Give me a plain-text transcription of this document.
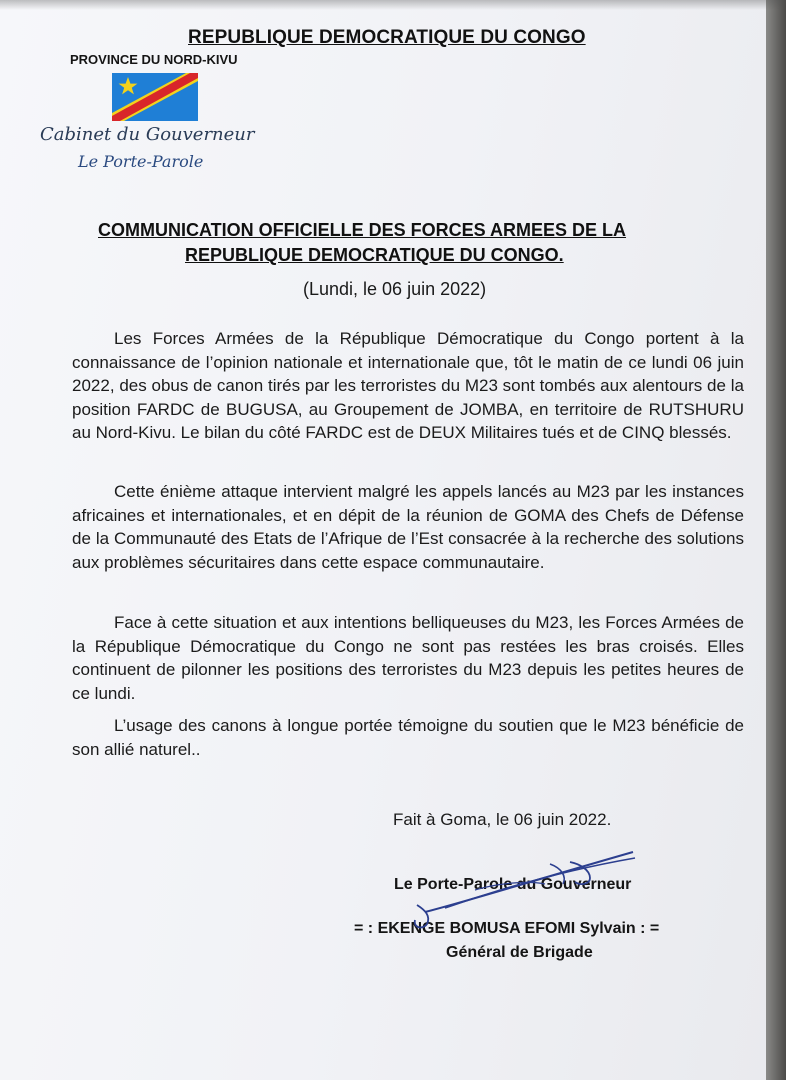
REPUBLIQUE DEMOCRATIQUE DU CONGO
PROVINCE DU NORD-KIVU
Cabinet du Gouverneur
Le Porte-Parole
COMMUNICATION OFFICIELLE DES FORCES ARMEES DE LA
REPUBLIQUE DEMOCRATIQUE DU CONGO.
(Lundi, le 06 juin 2022)

Les Forces Armées de la République Démocratique du Congo portent à la connaissance de l’opinion nationale et internationale que, tôt le matin de ce lundi 06 juin 2022, des obus de canon tirés par les terroristes du M23 sont tombés aux alentours de la position FARDC de BUGUSA, au Groupement de JOMBA, en territoire de RUTSHURU au Nord-Kivu. Le bilan du côté FARDC est de DEUX Militaires tués et de CINQ blessés.

Cette énième attaque intervient malgré les appels lancés au M23 par les instances africaines et internationales, et en dépit de la réunion de GOMA des Chefs de Défense de la Communauté des Etats de l’Afrique de l’Est consacrée à la recherche des solutions aux problèmes sécuritaires dans cette espace communautaire.

Face à cette situation et aux intentions belliqueuses du M23, les Forces Armées de la République Démocratique du Congo ne sont pas restées les bras croisés. Elles continuent de pilonner les positions des terroristes du M23 depuis les petites heures de ce lundi.

L’usage des canons à longue portée témoigne du soutien que le M23 bénéficie de son allié naturel..

Fait à Goma, le 06 juin 2022.
Le Porte-Parole du Gouverneur
= : EKENGE BOMUSA EFOMI Sylvain : =
Général de Brigade
